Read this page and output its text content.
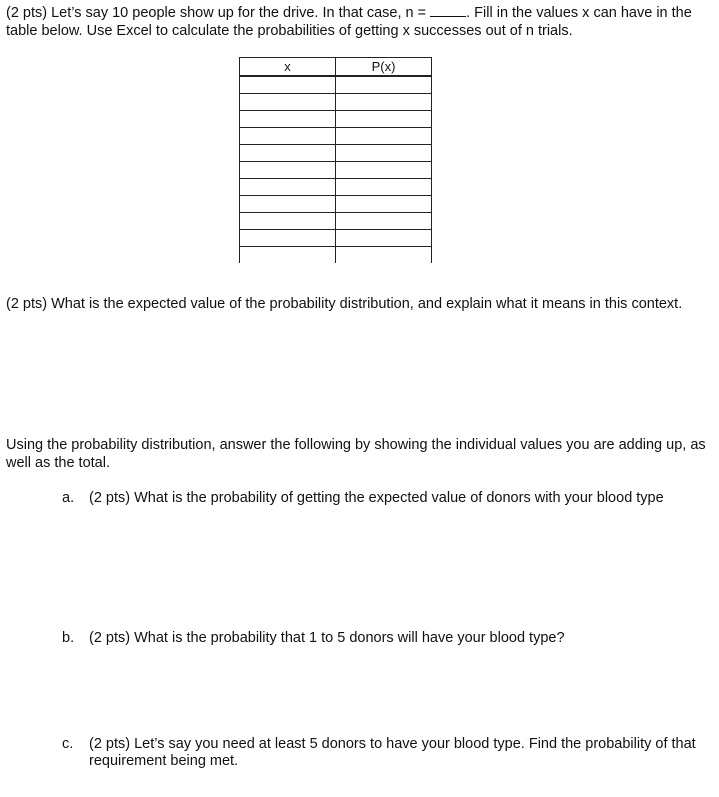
(2 pts) Let’s say 10 people show up for the drive. In that case, n = . Fill in the values x can have in the table below. Use Excel to calculate the probabilities of getting x successes out of n trials.

x	P(x)

(2 pts) What is the expected value of the probability distribution, and explain what it means in this context.

Using the probability distribution, answer the following by showing the individual values you are adding up, as well as the total.

a. (2 pts) What is the probability of getting the expected value of donors with your blood type
b. (2 pts) What is the probability that 1 to 5 donors will have your blood type?
c. (2 pts) Let’s say you need at least 5 donors to have your blood type. Find the probability of that requirement being met.
